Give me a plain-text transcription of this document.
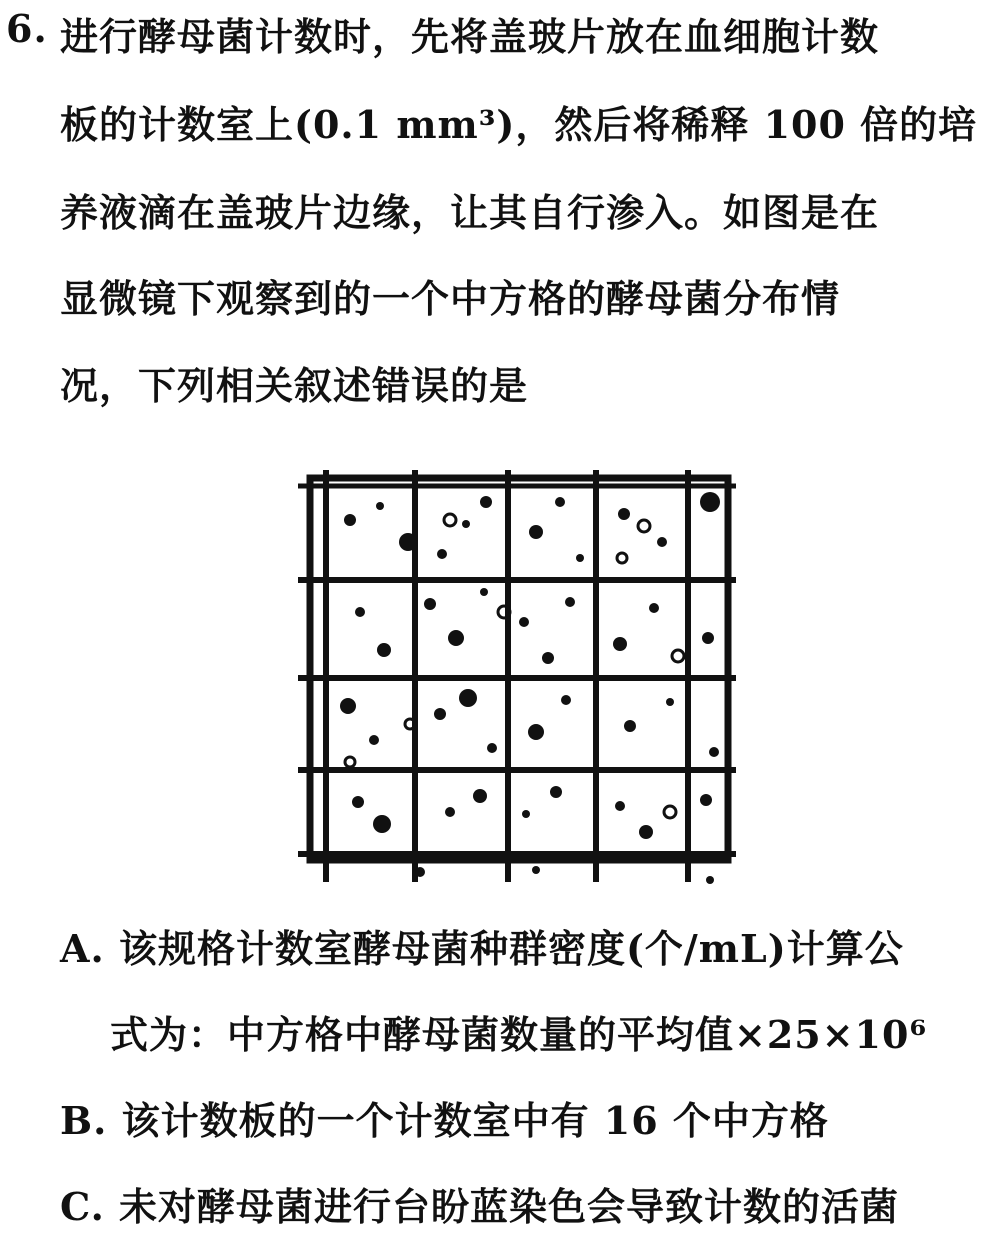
6. 进行酵母菌计数时，先将盖玻片放在血细胞计数
板的计数室上(0.1 mm³)，然后将稀释 100 倍的培
养液滴在盖玻片边缘，让其自行渗入。如图是在
显微镜下观察到的一个中方格的酵母菌分布情
况，下列相关叙述错误的是
A. 该规格计数室酵母菌种群密度(个/mL)计算公
式为：中方格中酵母菌数量的平均值×25×10⁶
B. 该计数板的一个计数室中有 16 个中方格
C. 未对酵母菌进行台盼蓝染色会导致计数的活菌
